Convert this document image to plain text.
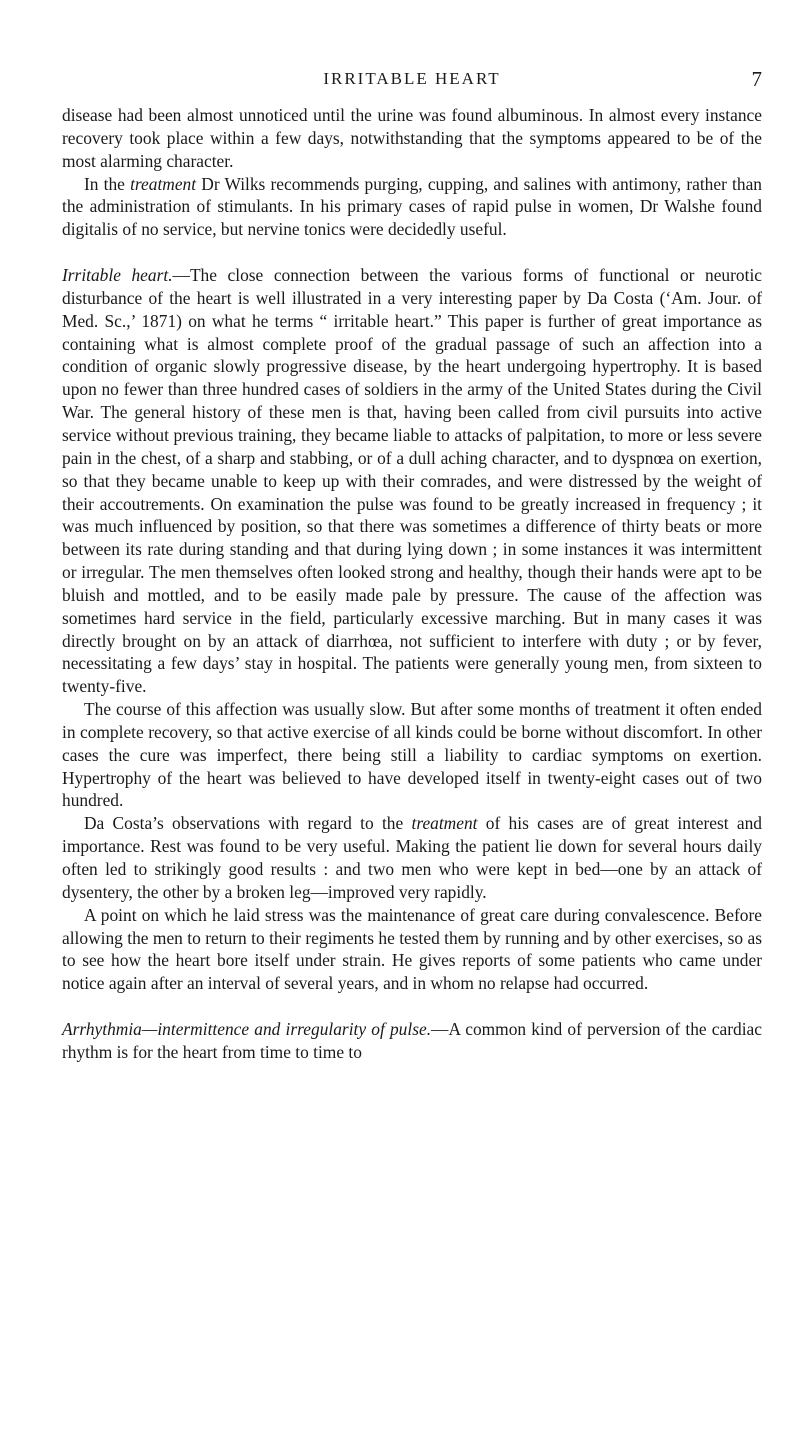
IRRITABLE HEART	7

disease had been almost unnoticed until the urine was found albuminous. In almost every instance recovery took place within a few days, notwithstanding that the symptoms appeared to be of the most alarming character.

In the treatment Dr Wilks recommends purging, cupping, and salines with antimony, rather than the administration of stimulants. In his primary cases of rapid pulse in women, Dr Walshe found digitalis of no service, but nervine tonics were decidedly useful.

Irritable heart.—The close connection between the various forms of functional or neurotic disturbance of the heart is well illustrated in a very interesting paper by Da Costa (‘Am. Jour. of Med. Sc.,’ 1871) on what he terms “ irritable heart.” This paper is further of great importance as containing what is almost complete proof of the gradual passage of such an affection into a condition of organic slowly progressive disease, by the heart undergoing hypertrophy. It is based upon no fewer than three hundred cases of soldiers in the army of the United States during the Civil War. The general history of these men is that, having been called from civil pursuits into active service without previous training, they became liable to attacks of palpitation, to more or less severe pain in the chest, of a sharp and stabbing, or of a dull aching character, and to dyspnœa on exertion, so that they became unable to keep up with their comrades, and were distressed by the weight of their accoutrements. On examination the pulse was found to be greatly increased in frequency ; it was much influenced by position, so that there was sometimes a difference of thirty beats or more between its rate during standing and that during lying down ; in some instances it was intermittent or irregular. The men themselves often looked strong and healthy, though their hands were apt to be bluish and mottled, and to be easily made pale by pressure. The cause of the affection was sometimes hard service in the field, particularly excessive marching. But in many cases it was directly brought on by an attack of diarrhœa, not sufficient to interfere with duty ; or by fever, necessitating a few days’ stay in hospital. The patients were generally young men, from sixteen to twenty-five.

The course of this affection was usually slow. But after some months of treatment it often ended in complete recovery, so that active exercise of all kinds could be borne without discomfort. In other cases the cure was imperfect, there being still a liability to cardiac symptoms on exertion. Hypertrophy of the heart was believed to have developed itself in twenty-eight cases out of two hundred.

Da Costa’s observations with regard to the treatment of his cases are of great interest and importance. Rest was found to be very useful. Making the patient lie down for several hours daily often led to strikingly good results : and two men who were kept in bed—one by an attack of dysentery, the other by a broken leg—improved very rapidly.

A point on which he laid stress was the maintenance of great care during convalescence. Before allowing the men to return to their regiments he tested them by running and by other exercises, so as to see how the heart bore itself under strain. He gives reports of some patients who came under notice again after an interval of several years, and in whom no relapse had occurred.

Arrhythmia—intermittence and irregularity of pulse.—A common kind of perversion of the cardiac rhythm is for the heart from time to time to
